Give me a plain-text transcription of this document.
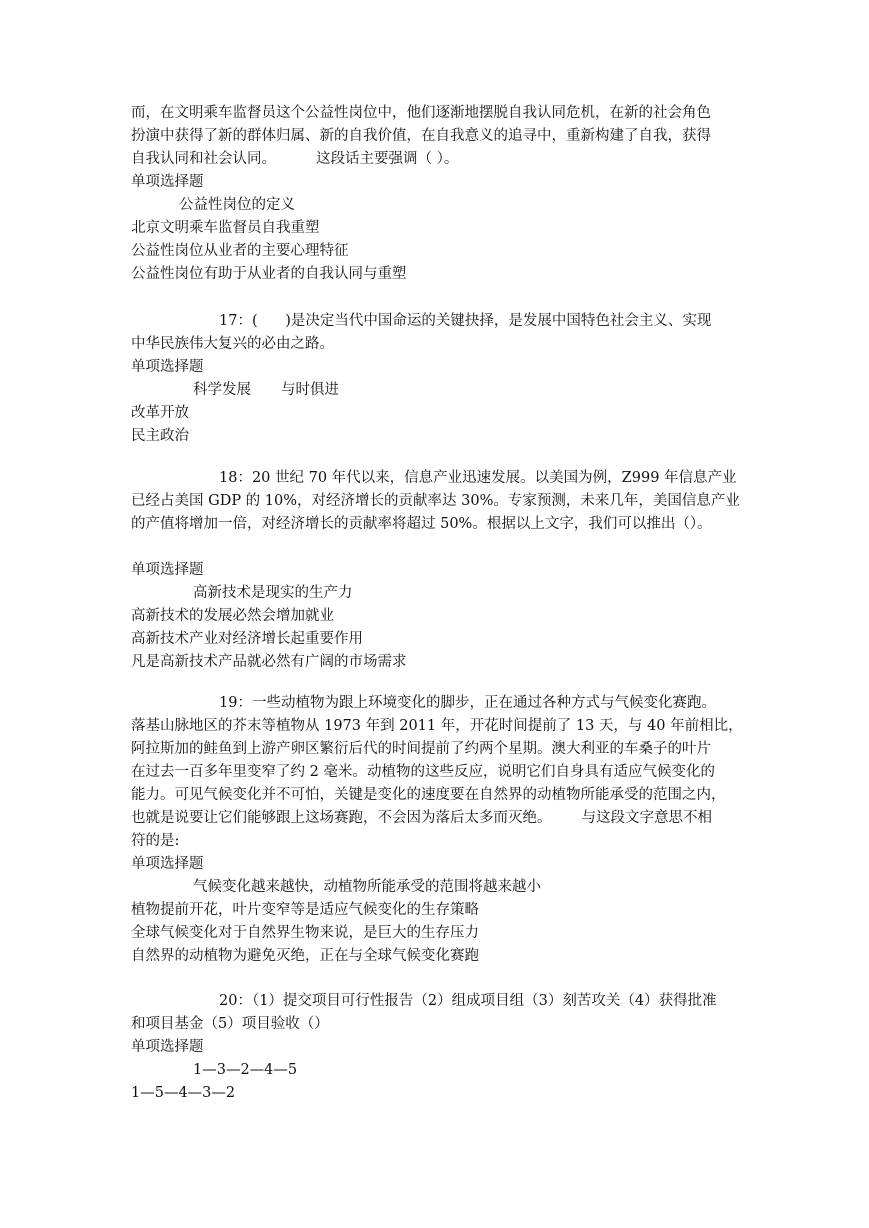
而，在文明乘车监督员这个公益性岗位中，他们逐渐地摆脱自我认同危机，在新的社会角色
扮演中获得了新的群体归属、新的自我价值，在自我意义的追寻中，重新构建了自我，获得
自我认同和社会认同。	这段话主要强调（ ）。
单项选择题
公益性岗位的定义
北京文明乘车监督员自我重塑
公益性岗位从业者的主要心理特征
公益性岗位有助于从业者的自我认同与重塑
17：(      )是决定当代中国命运的关键抉择，是发展中国特色社会主义、实现
中华民族伟大复兴的必由之路。
单项选择题
科学发展 与时俱进
改革开放
民主政治
18：20 世纪 70 年代以来，信息产业迅速发展。以美国为例，Z999 年信息产业
已经占美国 GDP 的 10%，对经济增长的贡献率达 30%。专家预测，未来几年，美国信息产业
的产值将增加一倍，对经济增长的贡献率将超过 50%。根据以上文字，我们可以推出（）。
单项选择题
高新技术是现实的生产力
高新技术的发展必然会增加就业
高新技术产业对经济增长起重要作用
凡是高新技术产品就必然有广阔的市场需求
19：一些动植物为跟上环境变化的脚步，正在通过各种方式与气候变化赛跑。
落基山脉地区的芥末等植物从 1973 年到 2011 年，开花时间提前了 13 天，与 40 年前相比，
阿拉斯加的鲑鱼到上游产卵区繁衍后代的时间提前了约两个星期。澳大利亚的车桑子的叶片
在过去一百多年里变窄了约 2 毫米。动植物的这些反应，说明它们自身具有适应气候变化的
能力。可见气候变化并不可怕，关键是变化的速度要在自然界的动植物所能承受的范围之内，
也就是说要让它们能够跟上这场赛跑，不会因为落后太多而灭绝。 与这段文字意思不相
符的是:
单项选择题
气候变化越来越快，动植物所能承受的范围将越来越小
植物提前开花，叶片变窄等是适应气候变化的生存策略
全球气候变化对于自然界生物来说，是巨大的生存压力
自然界的动植物为避免灭绝，正在与全球气候变化赛跑
20：（1）提交项目可行性报告（2）组成项目组（3）刻苦攻关（4）获得批准
和项目基金（5）项目验收（）
单项选择题
1—3—2—4—5
1—5—4—3—2
